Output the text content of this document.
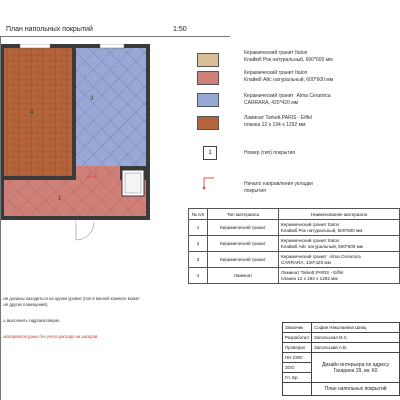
План напольных покрытий	1:50
3
1
4
Керамический гранит Italon
Клаймб Рок натуральный, 600*600 мм
Керамический гранит Italon
Клаймб Айс натуральный, 600*600 мм
Керамический гранит  Alma Ceramica
CARRARA, 420*420 мм
Ламинат Tarkett,PARIS - Eiffel
планка 12 х 194 х 1292 мм
1	Номер (тип) покрытия
Начало направления укладки
покрытия
№ п/п	Тип материала	Наименование материала
1	Керамический гранит	Керамический гранит Italon
Клаймб Рок натуральный, 600*600 мм
2	Керамический гранит	Керамический гранит Italon
Клаймб Айс натуральный, 600*600 мм
3	Керамический гранит	Керамический гранит  Alma Ceramica
CARRARA, 420*420 мм
4	Ламинат	Ламинат Tarkett,PARIS - Eiffel
планка 12 х 194 х 1292 мм
...ия должны находиться на одном уровне (пол в ванной комнате может
...ня других помещений).
...ь выполнить гидроизоляцию.
...материалов даны без учета расхода на раскрой.
Заказчик	София Николаевна Шпиц
Разработал	Запольская М.С.
Проверил	Запольский А.В.
НН-2300	Дизайн интерьера по адресу
Гагарина 29, кв. 60
ЗОО	
Гл. Бр.	
	План напольных покрытий
